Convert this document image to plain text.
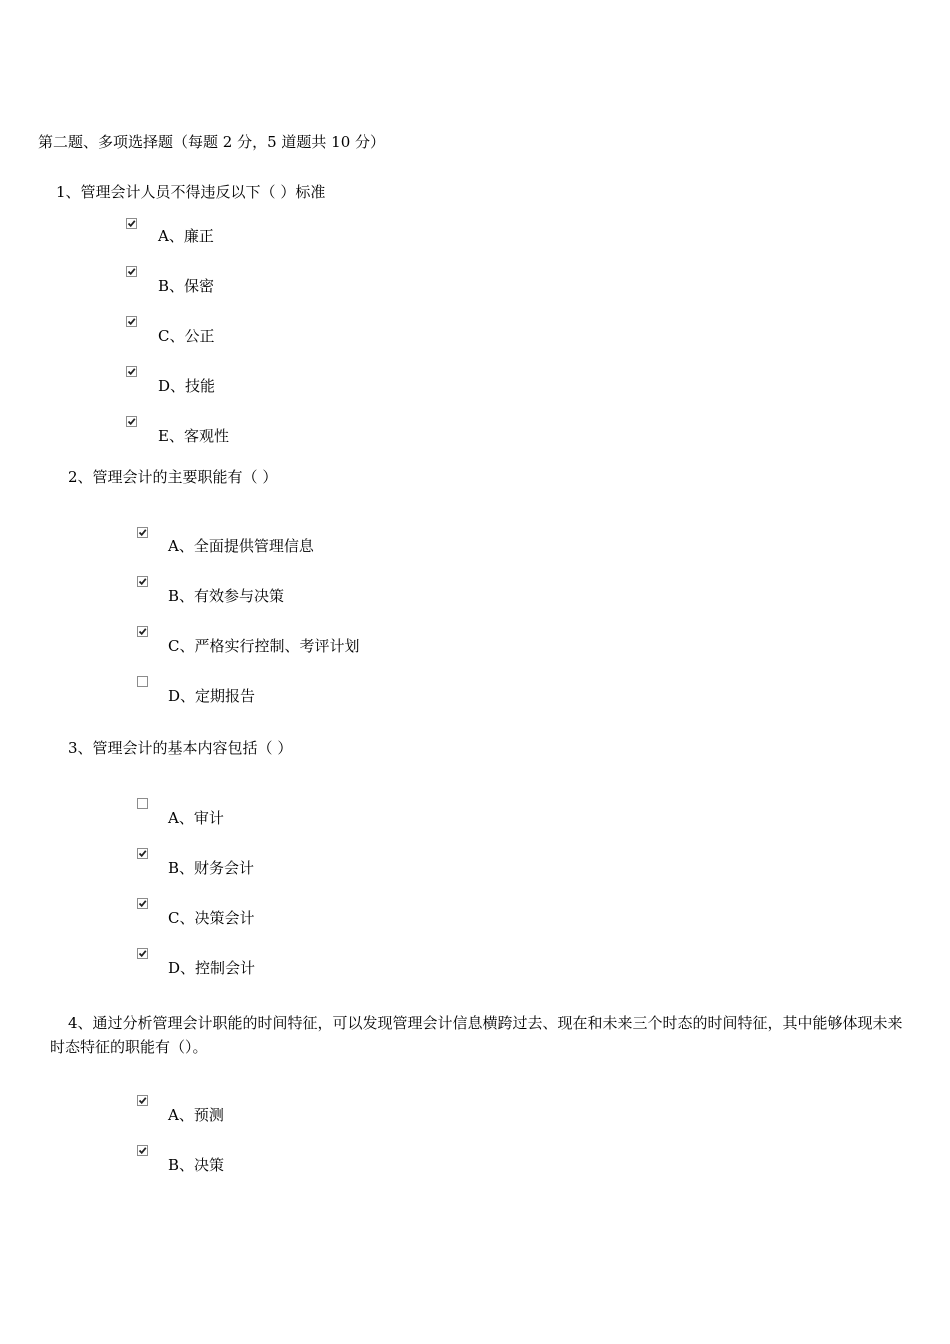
第二题、多项选择题（每题 2 分，5 道题共 10 分）
1、管理会计人员不得违反以下（ ）标准
A、廉正
B、保密
C、公正
D、技能
E、客观性
2、管理会计的主要职能有（ ）
A、全面提供管理信息
B、有效参与决策
C、严格实行控制、考评计划
D、定期报告
3、管理会计的基本内容包括（ ）
A、审计
B、财务会计
C、决策会计
D、控制会计
4、通过分析管理会计职能的时间特征，可以发现管理会计信息横跨过去、现在和未来三个时态的时间特征，其中能够体现未来时态特征的职能有（）。
A、预测
B、决策
